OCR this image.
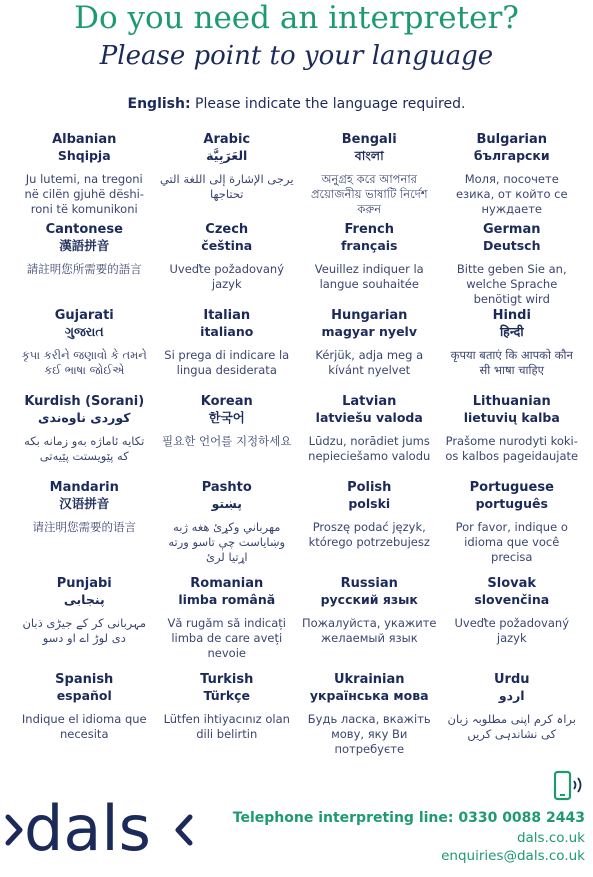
Do you need an interpreter?
Please point to your language
English: Please indicate the language required.
Albanian
Shqipja
Ju lutemi, na tregoni në cilën gjuhë dëshi-roni të komunikoni
Arabic
العَرَبِيَّة
يرجى الإشارة إلى اللغة التي تحتاجها
Bengali
বাংলা
অনুগ্রহ করে আপনার প্রয়োজনীয় ভাষাটি নির্দেশ করুন
Bulgarian
български
Моля, посочете езика, от който се нуждаете
Cantonese
漢語拼音
請註明您所需要的語言
Czech
čeština
Uveďte požadovaný jazyk
French
français
Veuillez indiquer la langue souhaitée
German
Deutsch
Bitte geben Sie an, welche Sprache benötigt wird
Gujarati
ગુજરાત
કૃપા કરીને જણાવો કે તમને કઈ ભાષા જોઈએ
Italian
italiano
Si prega di indicare la lingua desiderata
Hungarian
magyar nyelv
Kérjük, adja meg a kívánt nyelvet
Hindi
हिन्दी
कृपया बताएं कि आपको कौन सी भाषा चाहिए
Kurdish (Sorani)
کوردی ناوەندی
تکایە ئاماژە بەو زمانە بکە کە پێویستت پێیەتی
Korean
한국어
필요한 언어를 지정하세요
Latvian
latviešu valoda
Lūdzu, norādiet jums nepieciešamo valodu
Lithuanian
lietuvių kalba
Prašome nurodyti koki-os kalbos pageidaujate
Mandarin
汉语拼音
请注明您需要的语言
Pashto
پښتو
مهرباني وکړئ هغه ژبه وښایاست چې تاسو ورته اړتیا لرئ
Polish
polski
Proszę podać język, którego potrzebujesz
Portuguese
português
Por favor, indique o idioma que você precisa
Punjabi
پنجابی
مہربانی کر کے جیڑی ذبان دی لوڑ اے او دسو
Romanian
limba română
Vă rugăm să indicați limba de care aveți nevoie
Russian
русский язык
Пожалуйста, укажите желаемый язык
Slovak
slovenčina
Uveďte požadovaný jazyk
Spanish
español
Indique el idioma que necesita
Turkish
Türkçe
Lütfen ihtiyacınız olan dili belirtin
Ukrainian
українська мова
Будь ласка, вкажіть мову, яку Ви потребуєте
Urdu
اردو
براہ کرم اپنی مطلوبہ زبان کی نشاندہی کریں
dals	Telephone interpreting line: 0330 0088 2443
dals.co.uk
enquiries@dals.co.uk
